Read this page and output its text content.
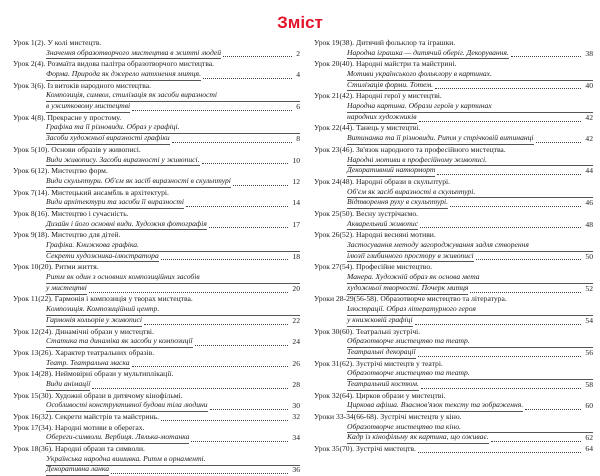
Зміст
Урок 1(2). У колі мистецтв.
Значення образотворчого мистецтва в житті людей	2
Урок 2(4). Розмаїта видова палітра образотворчого мистецтва.
Форма. Природа як джерело натхнення митця.	4
Урок 3(6). Із витоків народного мистецтва.
Композиція, символ, стилізація як засоби виразності
в ужитковому мистецтві	6
Урок 4(8). Прекрасне у простому.
Графіка та її різновиди. Образ у графіці.
Засоби художньої виразності графіки	8
Урок 5(10). Основи образів у живописі.
Види живопису. Засоби виразності у живописі.	10
Урок 6(12). Мистецтво форм.
Види скульптури. Об'єм як засіб виразності в скульптурі	12
Урок 7(14). Мистецький ансамбль в архітектурі.
Види архітектури та засоби її виразності	14
Урок 8(16). Мистецтво і сучасність.
Дизайн і його основні види. Художня фотографія	17
Урок 9(18). Мистецтво для дітей.
Графіка. Книжкова графіка.
Секрети художника-ілюстратора	18
Урок 10(20). Ритми життя.
Ритм як один з основних композиційних засобів
у мистецтві	20
Урок 11(22). Гармонія і композиція у творах мистецтва.
Композиція. Композиційний центр.
Гармонія кольорів у живописі	22
Урок 12(24). Динамічні образи у мистецтві.
Статика та динаміка як засоби у композиції	24
Урок 13(26). Характер театральних образів.
Театр. Театральна маска	26
Урок 14(28). Неймовірні образи у мультиплікації.
Види анімації	28
Урок 15(30). Художні образи в дитячому кінофільмі.
Особливості конструктивної будови тіла людини	30
Урок 16(32). Секрети майстрів та майстринь.	32
Урок 17(34). Народні мотиви в оберегах.
Обереги-символи. Вербиця. Лялька-мотанка	34
Урок 18(36). Народні образи та символи.
Українська народна вишивка. Ритм в орнаменті.
Декоративна ланка	36
Урок 19(38). Дитячий фольклор та іграшки.
Народна іграшка — дитячий оберіг. Декорування.	38
Урок 20(40). Народні майстри та майстрині.
Мотиви українського фольклору в картинах.
Стилізація форми. Тотем.	40
Урок 21(42). Народні герої у мистецтві.
Народна картина. Образи героїв у картинах
народних художників	42
Урок 22(44). Танець у мистецтві.
Витинанка та її різновиди. Ритм у стрічковій витинанці	42
Урок 23(46). Зв'язок народного та професійного мистецтва.
Народні мотиви в професійному живописі.
Декоративний натюрморт	44
Урок 24(48). Народні образи в скульптурі.
Об'єм як засіб виразності в скульптурі.
Відтворення руху в скульптурі.	46
Урок 25(50). Весну зустрічаємо.
Акварельний живопис	48
Урок 26(52). Народні весняні мотиви.
Застосування методу загороджування задля створення
ілюзії глибинного простору в живописі	50
Урок 27(54). Професійне мистецтво.
Манера. Художній образ як основа мета
художньої творчості. Почерк митця	52
Уроки 28-29(56-58). Образотворче мистецтво та література.
Ілюстрації. Образ літературного героя
у книжковій графіці	54
Урок 30(60). Театральні зустрічі.
Образотворче мистецтво та театр.
Театральні декорації	56
Урок 31(62). Зустрічі мистецтв у театрі.
Образотворче мистецтво та театр.
Театральний костюм.	58
Урок 32(64). Цирков образи у мистецтві.
Циркова афіша. Взаємов'язок тексту та зображення.	60
Уроки 33-34(66-68). Зустрічі мистецтв у кіно.
Образотворче мистецтво та кіно.
Кадр із кінофільму як картина, що оживає.	62
Урок 35(70). Зустрічі мистецтв.	64
